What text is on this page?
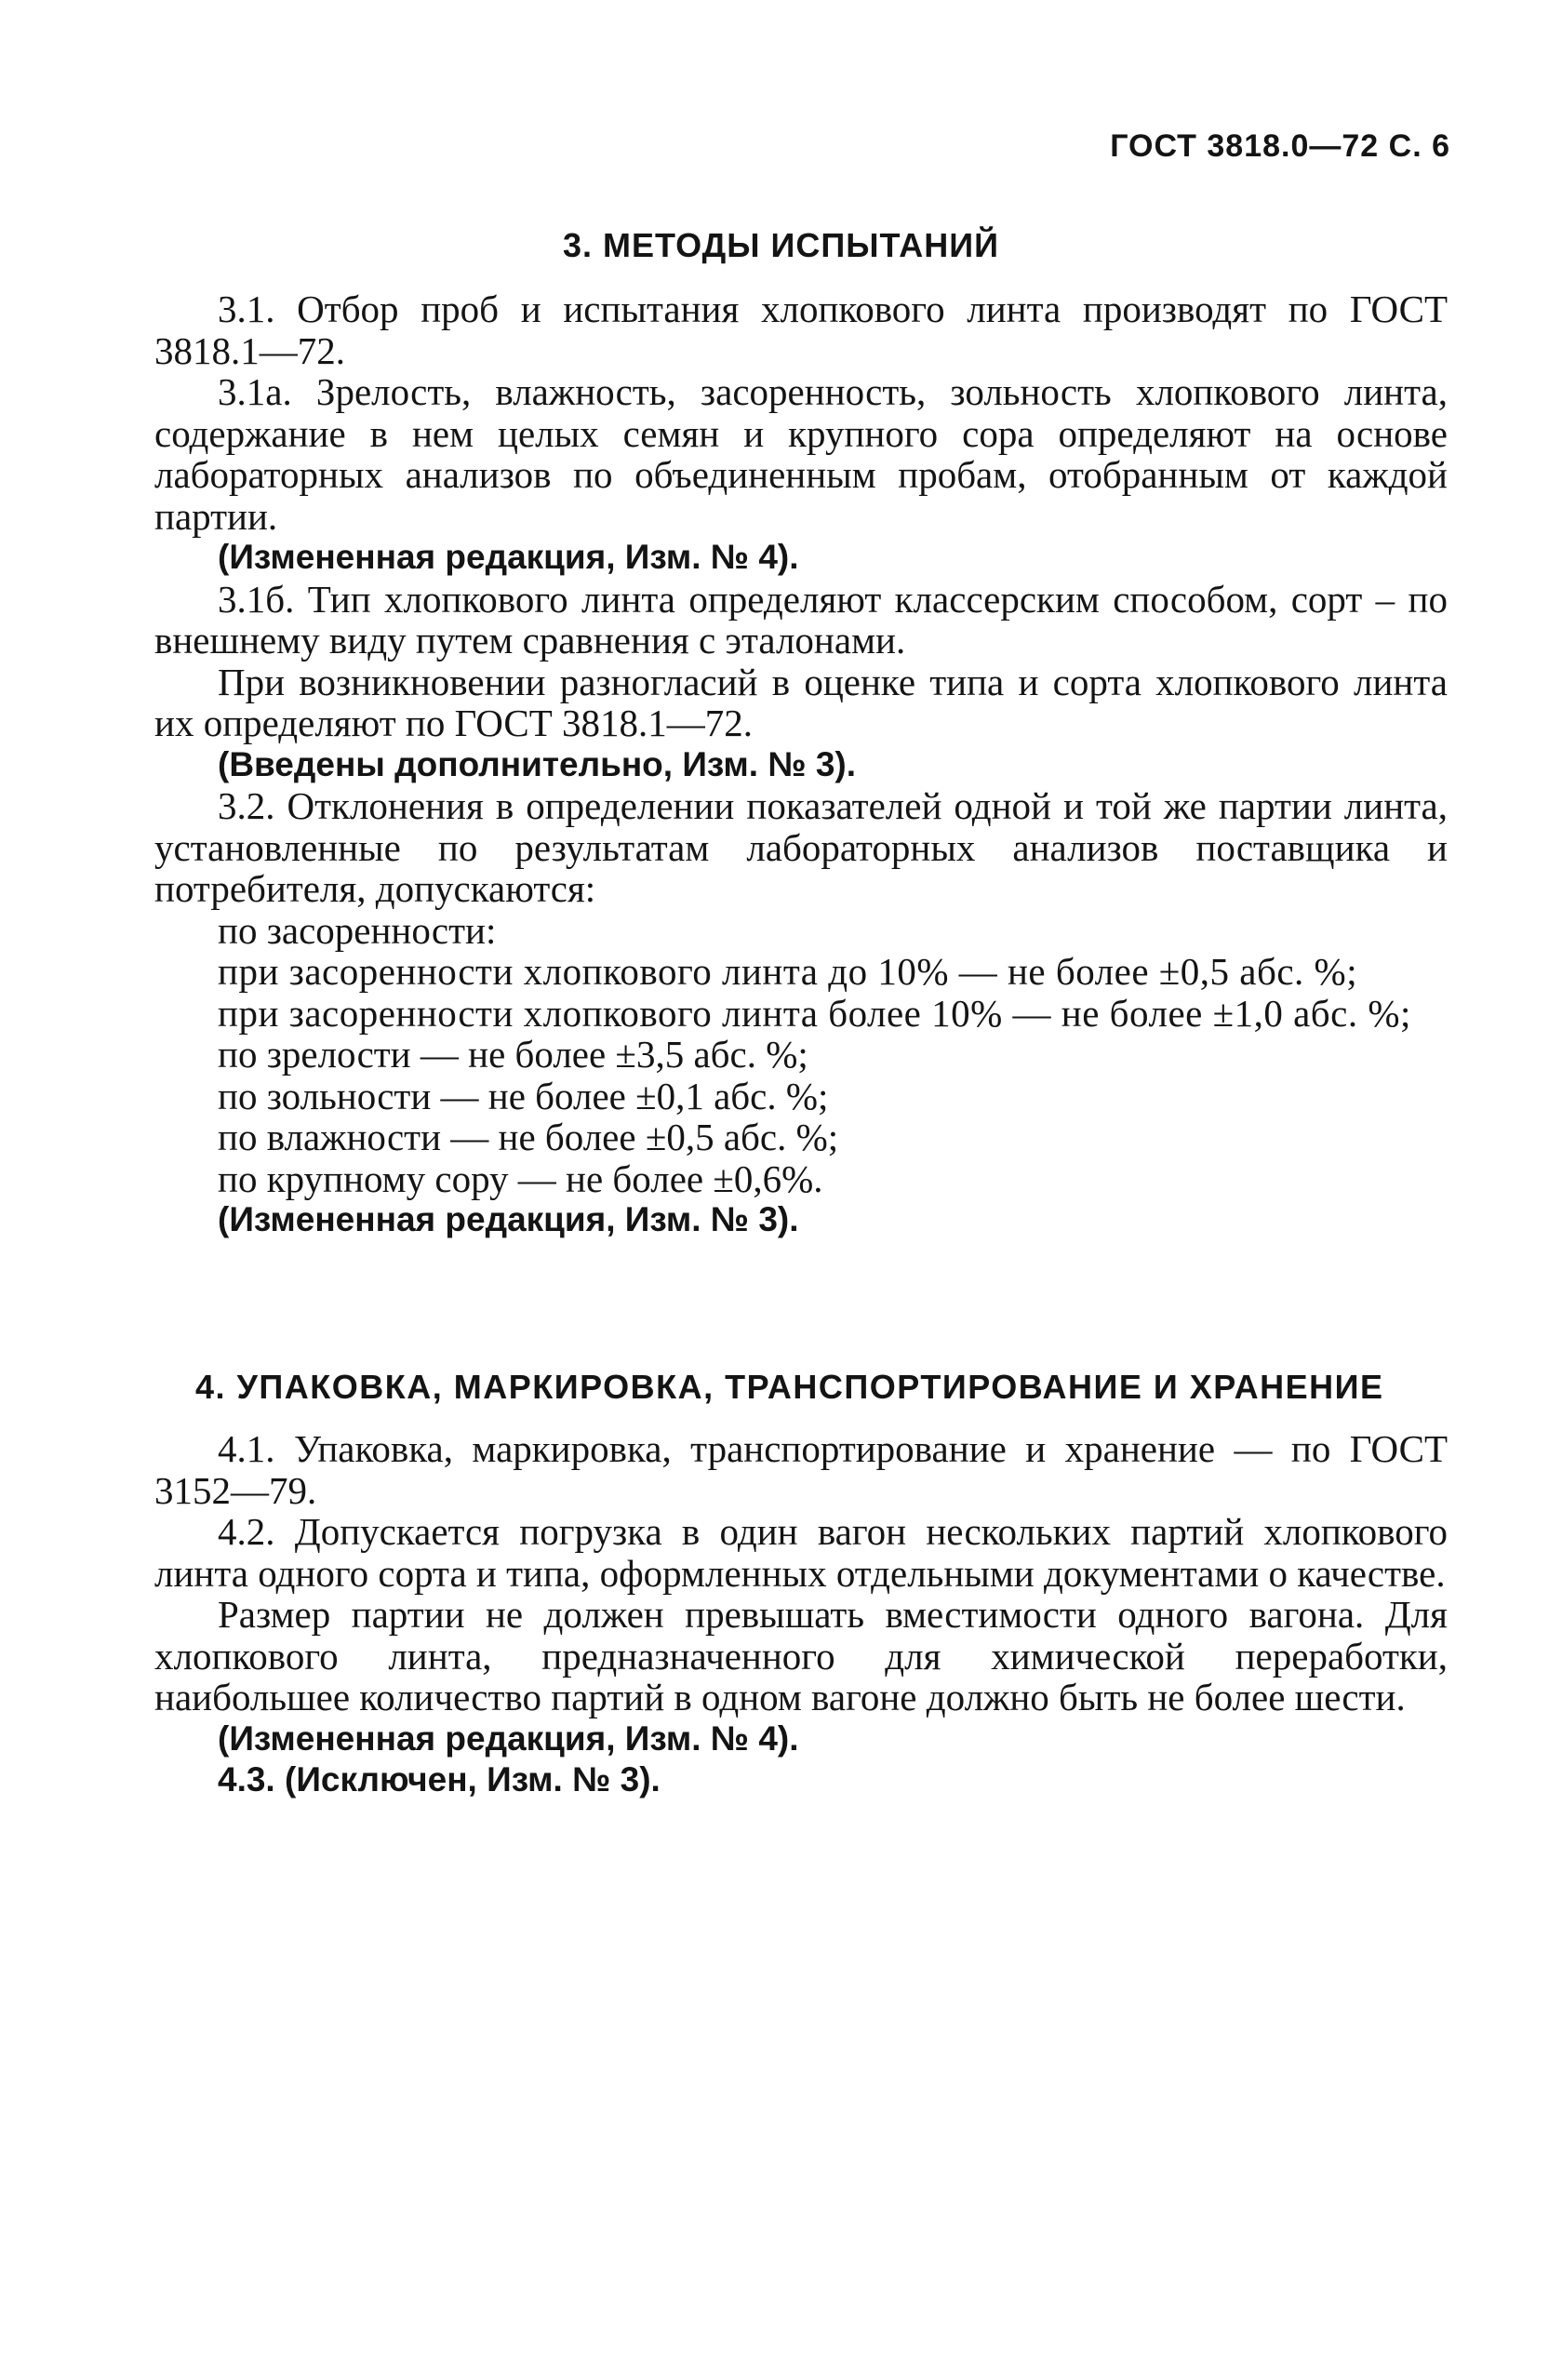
ГОСТ 3818.0—72 С. 6
3. МЕТОДЫ ИСПЫТАНИЙ

3.1. Отбор проб и испытания хлопкового линта производят по ГОСТ 3818.1—72.

3.1а. Зрелость, влажность, засоренность, зольность хлопкового линта, содержание в нем целых семян и крупного сора определяют на основе лабораторных анализов по объединенным пробам, отобранным от каждой партии.

(Измененная редакция, Изм. № 4).

3.1б. Тип хлопкового линта определяют классерским способом, сорт – по внешнему виду путем сравнения с эталонами.

При возникновении разногласий в оценке типа и сорта хлопкового линта их определяют по ГОСТ 3818.1—72.

(Введены дополнительно, Изм. № 3).

3.2. Отклонения в определении показателей одной и той же партии линта, установленные по результатам лабораторных анализов поставщика и потребителя, допускаются:

по засоренности:

при засоренности хлопкового линта до 10% — не более ±0,5 абс. %;

при засоренности хлопкового линта более 10% — не более ±1,0 абс. %;

по зрелости — не более ±3,5 абс. %;

по зольности — не более ±0,1 абс. %;

по влажности — не более ±0,5 абс. %;

по крупному сору — не более ±0,6%.

(Измененная редакция, Изм. № 3).

4. УПАКОВКА, МАРКИРОВКА, ТРАНСПОРТИРОВАНИЕ И ХРАНЕНИЕ

4.1. Упаковка, маркировка, транспортирование и хранение — по ГОСТ 3152—79.

4.2. Допускается погрузка в один вагон нескольких партий хлопкового линта одного сорта и типа, оформленных отдельными документами о качестве.

Размер партии не должен превышать вместимости одного вагона. Для хлопкового линта, предназначенного для химической переработки, наибольшее количество партий в одном вагоне должно быть не более шести.

(Измененная редакция, Изм. № 4).

4.3. (Исключен, Изм. № 3).
